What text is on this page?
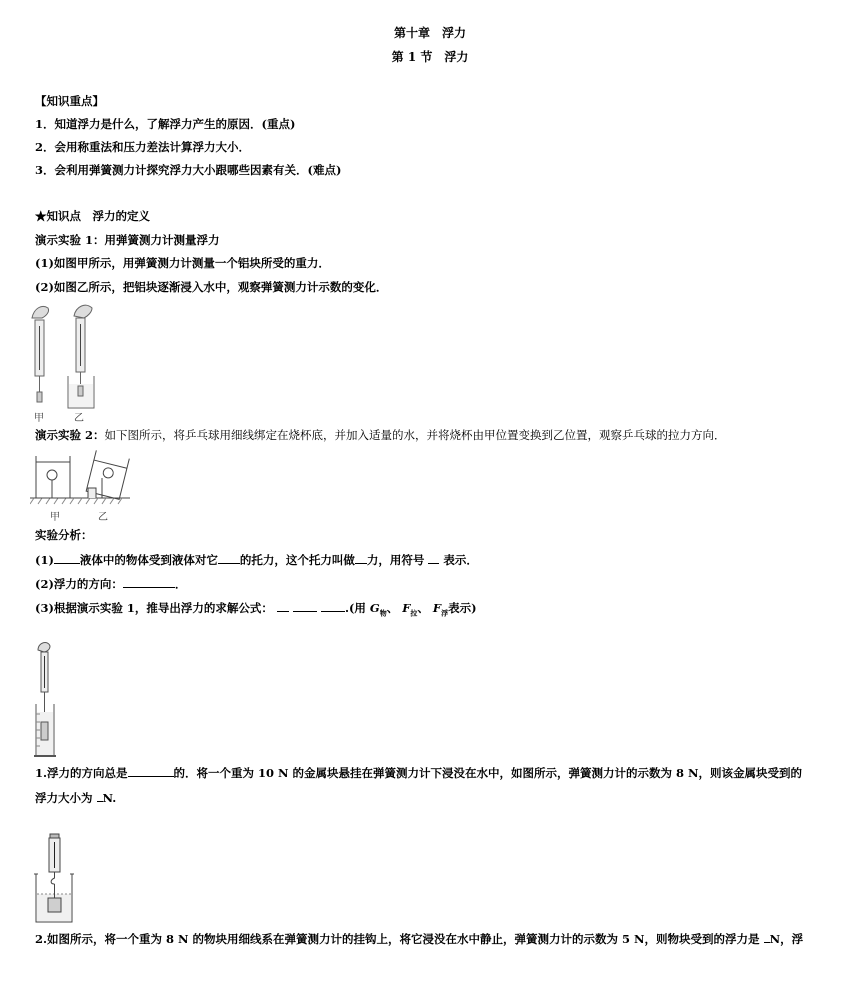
第十章　浮力
第 1 节　浮力
【知识重点】
1．知道浮力是什么，了解浮力产生的原因．(重点)
2．会用称重法和压力差法计算浮力大小．
3．会利用弹簧测力计探究浮力大小跟哪些因素有关．(难点)
★知识点　浮力的定义
演示实验 1：用弹簧测力计测量浮力
(1)如图甲所示，用弹簧测力计测量一个铝块所受的重力．
(2)如图乙所示，把铝块逐渐浸入水中，观察弹簧测力计示数的变化．
甲	乙
演示实验 2：如下图所示，将乒乓球用细线绑定在烧杯底，并加入适量的水，并将烧杯由甲位置变换到乙位置，观察乒乓球的拉力方向．
甲	乙
实验分析：
(1) 液体中的物体受到液体对它 的托力，这个托力叫做 力，用符号 表示．
(2)浮力的方向：	．
(3)根据演示实验 1，推导出浮力的求解公式：	.(用 $G_物$、 $F_拉$、 $F_浮$表示)
1.浮力的方向总是	的．将一个重为 10 N 的金属块悬挂在弹簧测力计下浸没在水中，如图所示，弹簧测力计的示数为 8 N，则该金属块受到的
浮力大小为 N.
2.如图所示，将一个重为 8 N 的物块用细线系在弹簧测力计的挂钩上，将它浸没在水中静止，弹簧测力计的示数为 5 N，则物块受到的浮力是 N，浮
